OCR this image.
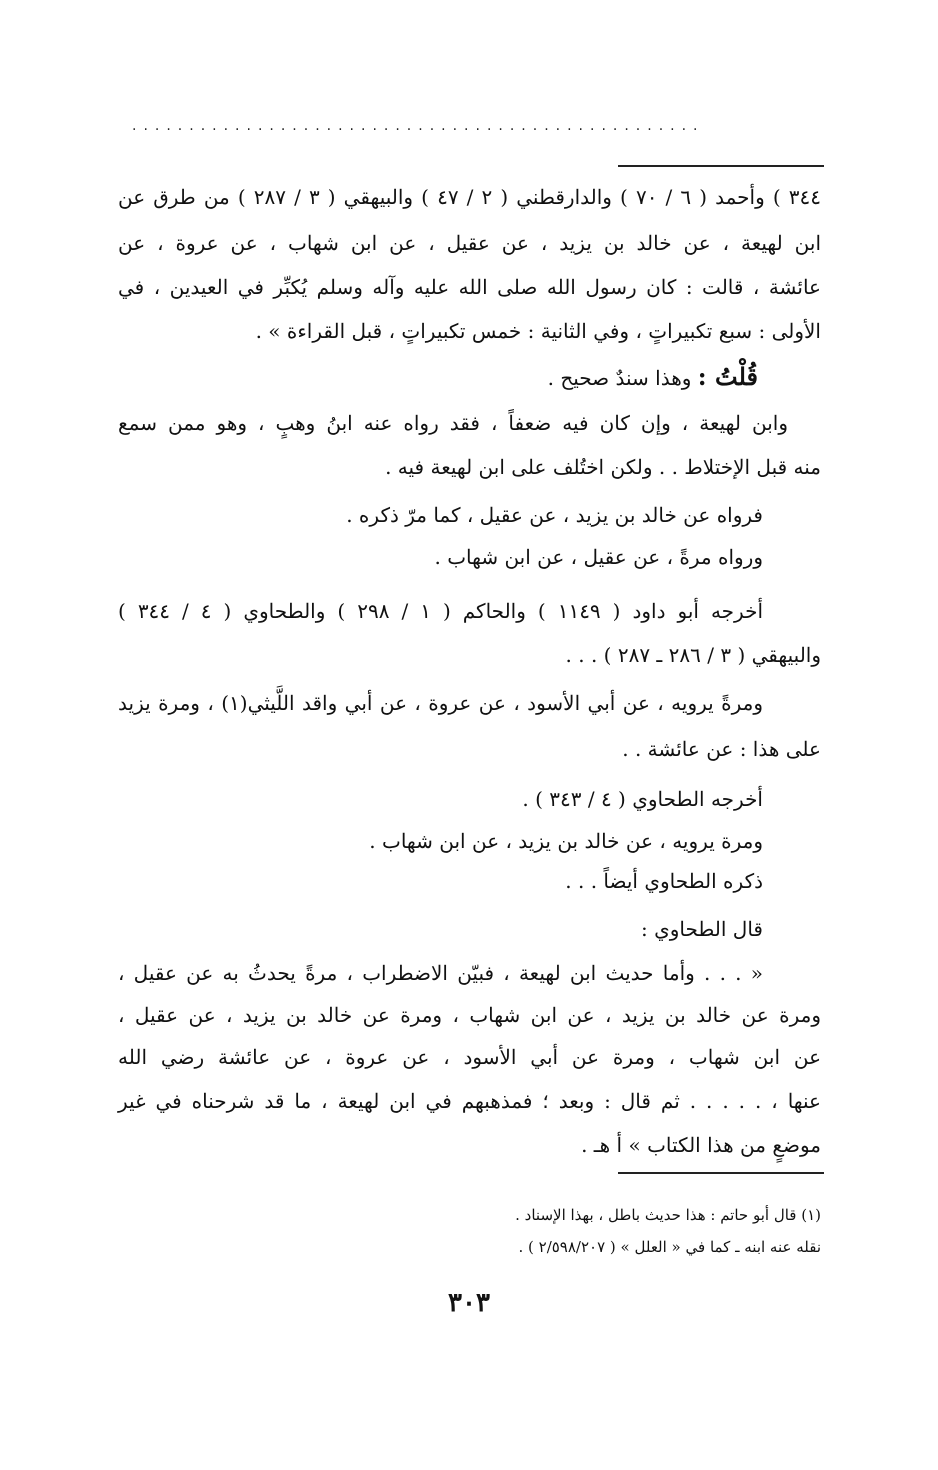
..................................................
٣٤٤ ) وأحمد ( ٦ / ٧٠ ) والدارقطني ( ٢ / ٤٧ ) والبيهقي ( ٣ / ٢٨٧ ) من طرق عن
ابن لهيعة ، عن خالد بن يزيد ، عن عقيل ، عن ابن شهاب ، عن عروة ، عن
عائشة ، قالت : كان رسول الله صلى الله عليه وآله وسلم يُكبِّر في العيدين ، في
الأولى : سبع تكبيراتٍ ، وفي الثانية : خمس تكبيراتٍ ، قبل القراءة » .
قُلْتُ : وهذا سندٌ صحيح .
وابن لهيعة ، وإن كان فيه ضعفاً ، فقد رواه عنه ابنُ وهبٍ ، وهو ممن سمع
منه قبل الإختلاط . . ولكن اختُلف على ابن لهيعة فيه .
فرواه عن خالد بن يزيد ، عن عقيل ، كما مرّ ذكره .
ورواه مرةً ، عن عقيل ، عن ابن شهاب .
أخرجه أبو داود ( ١١٤٩ ) والحاكم ( ١ / ٢٩٨ ) والطحاوي ( ٤ / ٣٤٤ )
والبيهقي ( ٣ / ٢٨٦ ـ ٢٨٧ ) . . .
ومرةً يرويه ، عن أبي الأسود ، عن عروة ، عن أبي واقد اللَّيثي(١) ، ومرة يزيد
على هذا : عن عائشة . .
أخرجه الطحاوي ( ٤ / ٣٤٣ ) .
ومرة يرويه ، عن خالد بن يزيد ، عن ابن شهاب .
ذكره الطحاوي أيضاً . . .
قال الطحاوي :
« . . . وأما حديث ابن لهيعة ، فبيّن الاضطراب ، مرةً يحدثُ به عن عقيل ،
ومرة عن خالد بن يزيد ، عن ابن شهاب ، ومرة عن خالد بن يزيد ، عن عقيل ،
عن ابن شهاب ، ومرة عن أبي الأسود ، عن عروة ، عن عائشة رضي الله
عنها ، . . . . . ثم قال : وبعد ؛ فمذهبهم في ابن لهيعة ، ما قد شرحناه في غير
موضعٍ من هذا الكتاب » أ هـ .
(١) قال أبو حاتم : هذا حديث باطل ، بهذا الإسناد .
نقله عنه ابنه ـ كما في « العلل » ( ٢/٥٩٨/٢٠٧ ) .
٣٠٣
